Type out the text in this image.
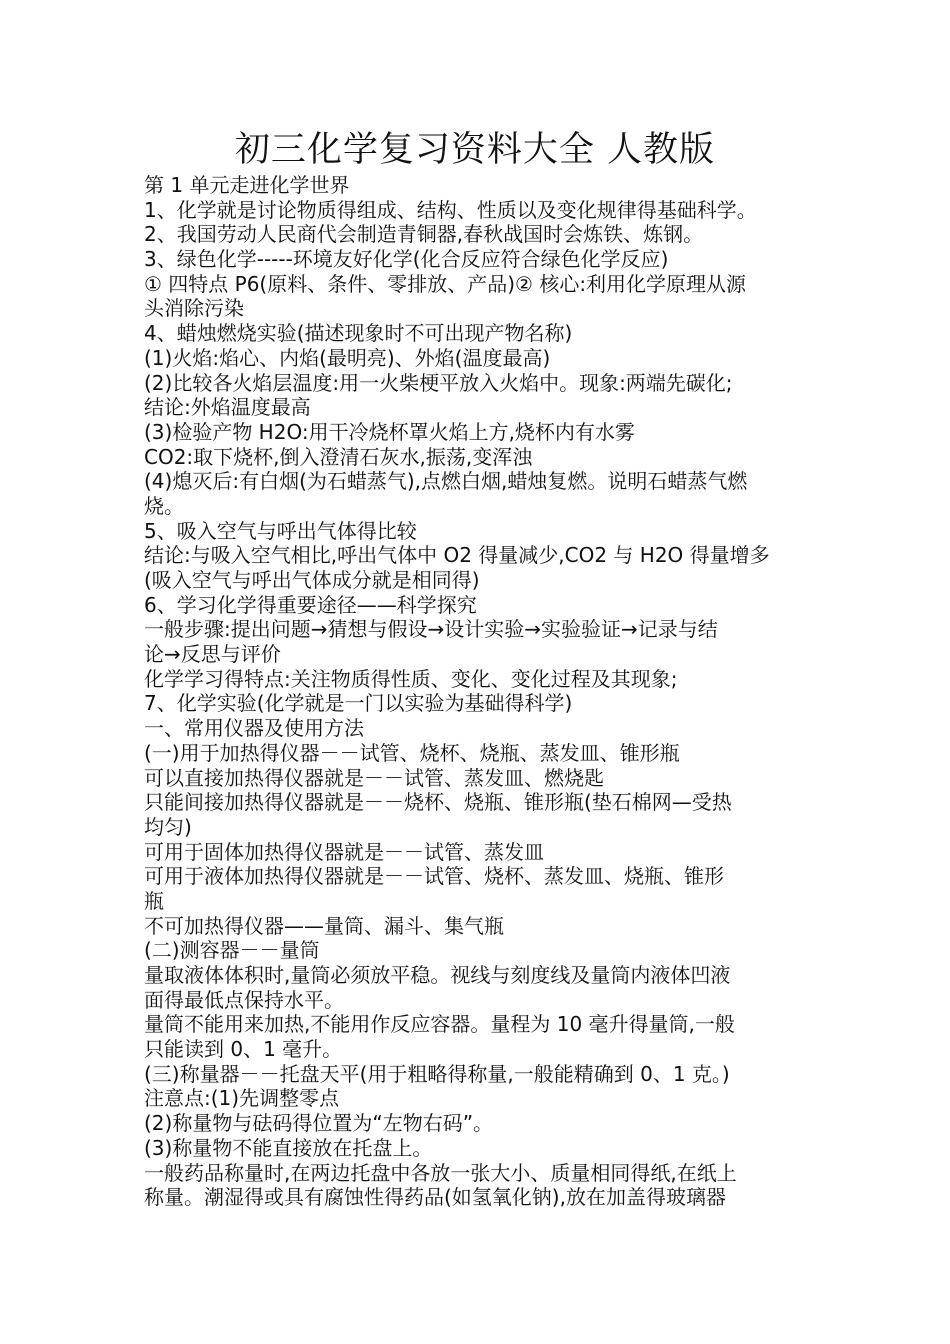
初三化学复习资料大全 人教版
第 1 单元走进化学世界
1、化学就是讨论物质得组成、结构、性质以及变化规律得基础科学。
2、我国劳动人民商代会制造青铜器,春秋战国时会炼铁、炼钢。
3、绿色化学-----环境友好化学(化合反应符合绿色化学反应)
① 四特点 P6(原料、条件、零排放、产品)② 核心:利用化学原理从源
头消除污染
4、蜡烛燃烧实验(描述现象时不可出现产物名称)
(1)火焰:焰心、内焰(最明亮)、外焰(温度最高)
(2)比较各火焰层温度:用一火柴梗平放入火焰中。现象:两端先碳化;
结论:外焰温度最高
(3)检验产物 H2O:用干冷烧杯罩火焰上方,烧杯内有水雾
CO2:取下烧杯,倒入澄清石灰水,振荡,变浑浊
(4)熄灭后:有白烟(为石蜡蒸气),点燃白烟,蜡烛复燃。说明石蜡蒸气燃
烧。
5、吸入空气与呼出气体得比较
结论:与吸入空气相比,呼出气体中 O2 得量减少,CO2 与 H2O 得量增多
(吸入空气与呼出气体成分就是相同得)
6、学习化学得重要途径——科学探究
一般步骤:提出问题→猜想与假设→设计实验→实验验证→记录与结
论→反思与评价
化学学习得特点:关注物质得性质、变化、变化过程及其现象;
7、化学实验(化学就是一门以实验为基础得科学)
一、常用仪器及使用方法
(一)用于加热得仪器－－试管、烧杯、烧瓶、蒸发皿、锥形瓶
可以直接加热得仪器就是－－试管、蒸发皿、燃烧匙
只能间接加热得仪器就是－－烧杯、烧瓶、锥形瓶(垫石棉网—受热
均匀)
可用于固体加热得仪器就是－－试管、蒸发皿
可用于液体加热得仪器就是－－试管、烧杯、蒸发皿、烧瓶、锥形
瓶
不可加热得仪器——量筒、漏斗、集气瓶
(二)测容器－－量筒
量取液体体积时,量筒必须放平稳。视线与刻度线及量筒内液体凹液
面得最低点保持水平。
量筒不能用来加热,不能用作反应容器。量程为 10 毫升得量筒,一般
只能读到 0、1 毫升。
(三)称量器－－托盘天平(用于粗略得称量,一般能精确到 0、1 克。)
注意点:(1)先调整零点
(2)称量物与砝码得位置为“左物右码”。
(3)称量物不能直接放在托盘上。
一般药品称量时,在两边托盘中各放一张大小、质量相同得纸,在纸上
称量。潮湿得或具有腐蚀性得药品(如氢氧化钠),放在加盖得玻璃器
